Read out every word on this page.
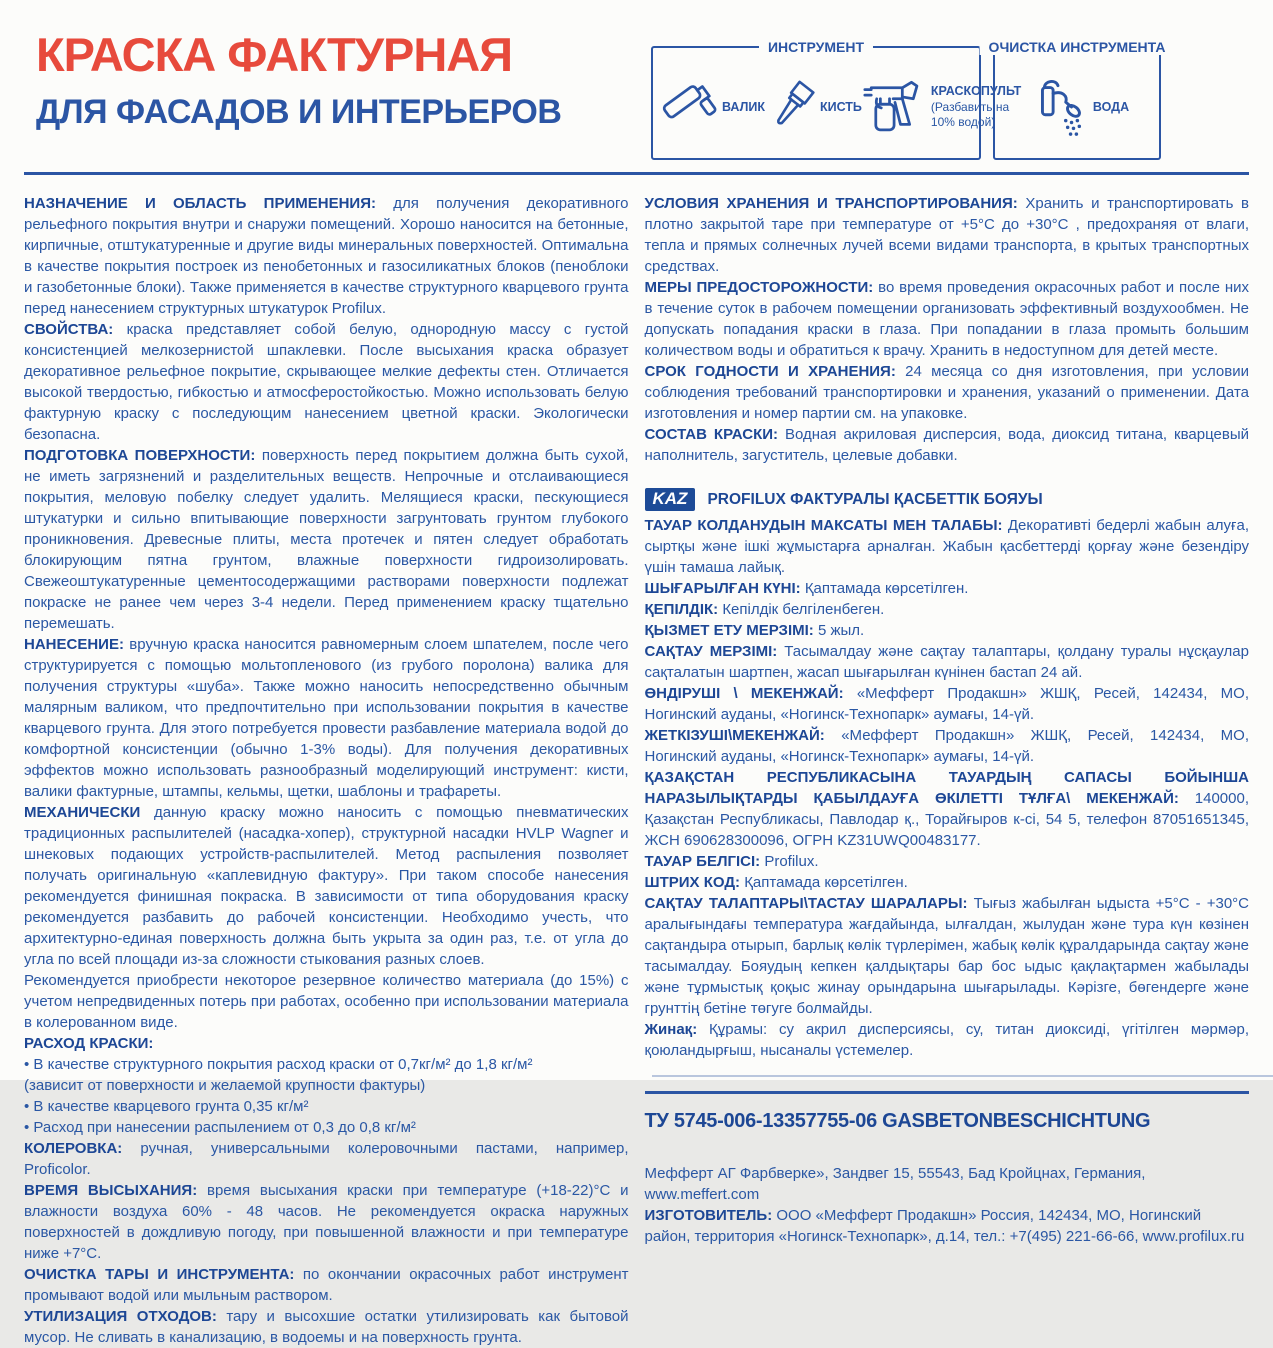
КРАСКА ФАКТУРНАЯ
ДЛЯ ФАСАДОВ И ИНТЕРЬЕРОВ
ИНСТРУМЕНТ
ВАЛИК	КИСТЬ
КРАСКОПУЛЬТ
(Разбавить на 10% водой)
ОЧИСТКА ИНСТРУМЕНТА
ВОДА

НАЗНАЧЕНИЕ И ОБЛАСТЬ ПРИМЕНЕНИЯ: для получения декоративного рельефного покрытия внутри и снаружи помещений. Хорошо наносится на бетонные, кирпичные, отштукатуренные и другие виды минеральных поверхностей. Оптимальна в качестве покрытия построек из пенобетонных и газосиликатных блоков (пеноблоки и газобетонные блоки). Также применяется в качестве структурного кварцевого грунта перед нанесением структурных штукатурок Profilux.

СВОЙСТВА: краска представляет собой белую, однородную массу с густой консистенцией мелкозернистой шпаклевки. После высыхания краска образует декоративное рельефное покрытие, скрывающее мелкие дефекты стен. Отличается высокой твердостью, гибкостью и атмосферостойкостью. Можно использовать белую фактурную краску с последующим нанесением цветной краски. Экологически безопасна.

ПОДГОТОВКА ПОВЕРХНОСТИ: поверхность перед покрытием должна быть сухой, не иметь загрязнений и разделительных веществ. Непрочные и отслаивающиеся покрытия, меловую побелку следует удалить. Мелящиеся краски, пескующиеся штукатурки и сильно впитывающие поверхности загрунтовать грунтом глубокого проникновения. Древесные плиты, места протечек и пятен следует обработать блокирующим пятна грунтом, влажные поверхности гидроизолировать. Свежеоштукатуренные цементосодержащими растворами поверхности подлежат покраске не ранее чем через 3-4 недели. Перед применением краску тщательно перемешать.

НАНЕСЕНИЕ: вручную краска наносится равномерным слоем шпателем, после чего структурируется с помощью мольтопленового (из грубого поролона) валика для получения структуры «шуба». Также можно наносить непосредственно обычным малярным валиком, что предпочтительно при использовании покрытия в качестве кварцевого грунта. Для этого потребуется провести разбавление материала водой до комфортной консистенции (обычно 1-3% воды). Для получения декоративных эффектов можно использовать разнообразный моделирующий инструмент: кисти, валики фактурные, штампы, кельмы, щетки, шаблоны и трафареты.

МЕХАНИЧЕСКИ данную краску можно наносить с помощью пневматических традиционных распылителей (насадка-хопер), структурной насадки HVLP Wagner и шнековых подающих устройств-распылителей. Метод распыления позволяет получать оригинальную «каплевидную фактуру». При таком способе нанесения рекомендуется финишная покраска. В зависимости от типа оборудования краску рекомендуется разбавить до рабочей консистенции. Необходимо учесть, что архитектурно-единая поверхность должна быть укрыта за один раз, т.е. от угла до угла по всей площади из-за сложности стыкования разных слоев.

Рекомендуется приобрести некоторое резервное количество материала (до 15%) с учетом непредвиденных потерь при работах, особенно при использовании материала в колерованном виде.

РАСХОД КРАСКИ:

• В качестве структурного покрытия расход краски от 0,7кг/м² до 1,8 кг/м²

(зависит от поверхности и желаемой крупности фактуры)

• В качестве кварцевого грунта 0,35 кг/м²

• Расход при нанесении распылением от 0,3 до 0,8 кг/м²

КОЛЕРОВКА: ручная, универсальными колеровочными пастами, например, Proficolor.

ВРЕМЯ ВЫСЫХАНИЯ: время высыхания краски при температуре (+18-22)°С и влажности воздуха 60% - 48 часов. Не рекомендуется окраска наружных поверхностей в дождливую погоду, при повышенной влажности и при температуре ниже +7°С.

ОЧИСТКА ТАРЫ И ИНСТРУМЕНТА: по окончании окрасочных работ инструмент промывают водой или мыльным раствором.

УТИЛИЗАЦИЯ ОТХОДОВ: тару и высохшие остатки утилизировать как бытовой мусор. Не сливать в канализацию, в водоемы и на поверхность грунта.

УСЛОВИЯ ХРАНЕНИЯ И ТРАНСПОРТИРОВАНИЯ: Хранить и транспортировать в плотно закрытой таре при температуре от +5°С до +30°С , предохраняя от влаги, тепла и прямых солнечных лучей всеми видами транспорта, в крытых транспортных средствах.

МЕРЫ ПРЕДОСТОРОЖНОСТИ: во время проведения окрасочных работ и после них в течение суток в рабочем помещении организовать эффективный воздухообмен. Не допускать попадания краски в глаза. При попадании в глаза промыть большим количеством воды и обратиться к врачу. Хранить в недоступном для детей месте.

СРОК ГОДНОСТИ И ХРАНЕНИЯ: 24 месяца со дня изготовления, при условии соблюдения требований транспортировки и хранения, указаний о применении. Дата изготовления и номер партии см. на упаковке.

СОСТАВ КРАСКИ: Водная акриловая дисперсия, вода, диоксид титана, кварцевый наполнитель, загуститель, целевые добавки.

KAZ	PROFILUX ФАКТУРАЛЫ ҚАСБЕТТІК БОЯУЫ

ТАУАР КОЛДАНУДЫН МАКСАТЫ МЕН ТАЛАБЫ: Декоративті бедерлі жабын алуға, сыртқы және ішкі жұмыстарға арналған. Жабын қасбеттерді қорғау және безендіру үшін тамаша лайық.

ШЫҒАРЫЛҒАН КҮНІ: Қаптамада көрсетілген.

ҚЕПІЛДІК: Кепілдік белгіленбеген.

ҚЫЗМЕТ ЕТУ МЕРЗІМІ: 5 жыл.

САҚТАУ МЕРЗІМІ: Тасымалдау және сақтау талаптары, қолдану туралы нұсқаулар сақталатын шартпен, жасап шығарылған күнінен бастап 24 ай.

ӨНДІРУШІ \ МЕКЕНЖАЙ: «Мефферт Продакшн» ЖШҚ, Ресей, 142434, МО, Ногинский ауданы, «Ногинск-Технопарк» аумағы, 14-үй.

ЖЕТКІЗУШІ\МЕКЕНЖАЙ: «Мефферт Продакшн» ЖШҚ, Ресей, 142434, МО, Ногинский ауданы, «Ногинск-Технопарк» аумағы, 14-үй.

ҚАЗАҚСТАН РЕСПУБЛИКАСЫНА ТАУАРДЫҢ САПАСЫ БОЙЫНША НАРАЗЫЛЫҚТАРДЫ ҚАБЫЛДАУҒА ӨКІЛЕТТІ ТҰЛҒА\ МЕКЕНЖАЙ: 140000, Қазақстан Республикасы, Павлодар қ., Торайғыров к-сі, 54 5, телефон 87051651345, ЖСН 690628300096, ОГРН KZ31UWQ00483177.

ТАУАР БЕЛГІСІ: Profilux.

ШТРИХ КОД: Қаптамада көрсетілген.

САҚТАУ ТАЛАПТАРЫ\ТАСТАУ ШАРАЛАРЫ: Тығыз жабылған ыдыста +5°С - +30°С аралығындағы температура жағдайында, ылғалдан, жылудан және тура күн көзінен сақтандыра отырып, барлық көлік түрлерімен, жабық көлік құралдарында сақтау және тасымалдау. Бояудың кепкен қалдықтары бар бос ыдыс қақлақтармен жабылады және тұрмыстық қоқыс жинау орындарына шығарылады. Кәрізге, бөгендерге және грунттің бетіне төгуге болмайды.

Жинақ: Құрамы: су акрил дисперсиясы, су, титан диоксиді, үгітілген мәрмәр, қоюландырғыш, нысаналы үстемелер.

ТУ 5745-006-13357755-06 GASBETONBESCHICHTUNG

Мефферт АГ Фарбверке», Зандвег 15, 55543, Бад Кройцнах, Германия, www.meffert.com

ИЗГОТОВИТЕЛЬ: ООО «Мефферт Продакшн» Россия, 142434, МО, Ногинский район, территория «Ногинск-Технопарк», д.14, тел.: +7(495) 221-66-66, www.profilux.ru
